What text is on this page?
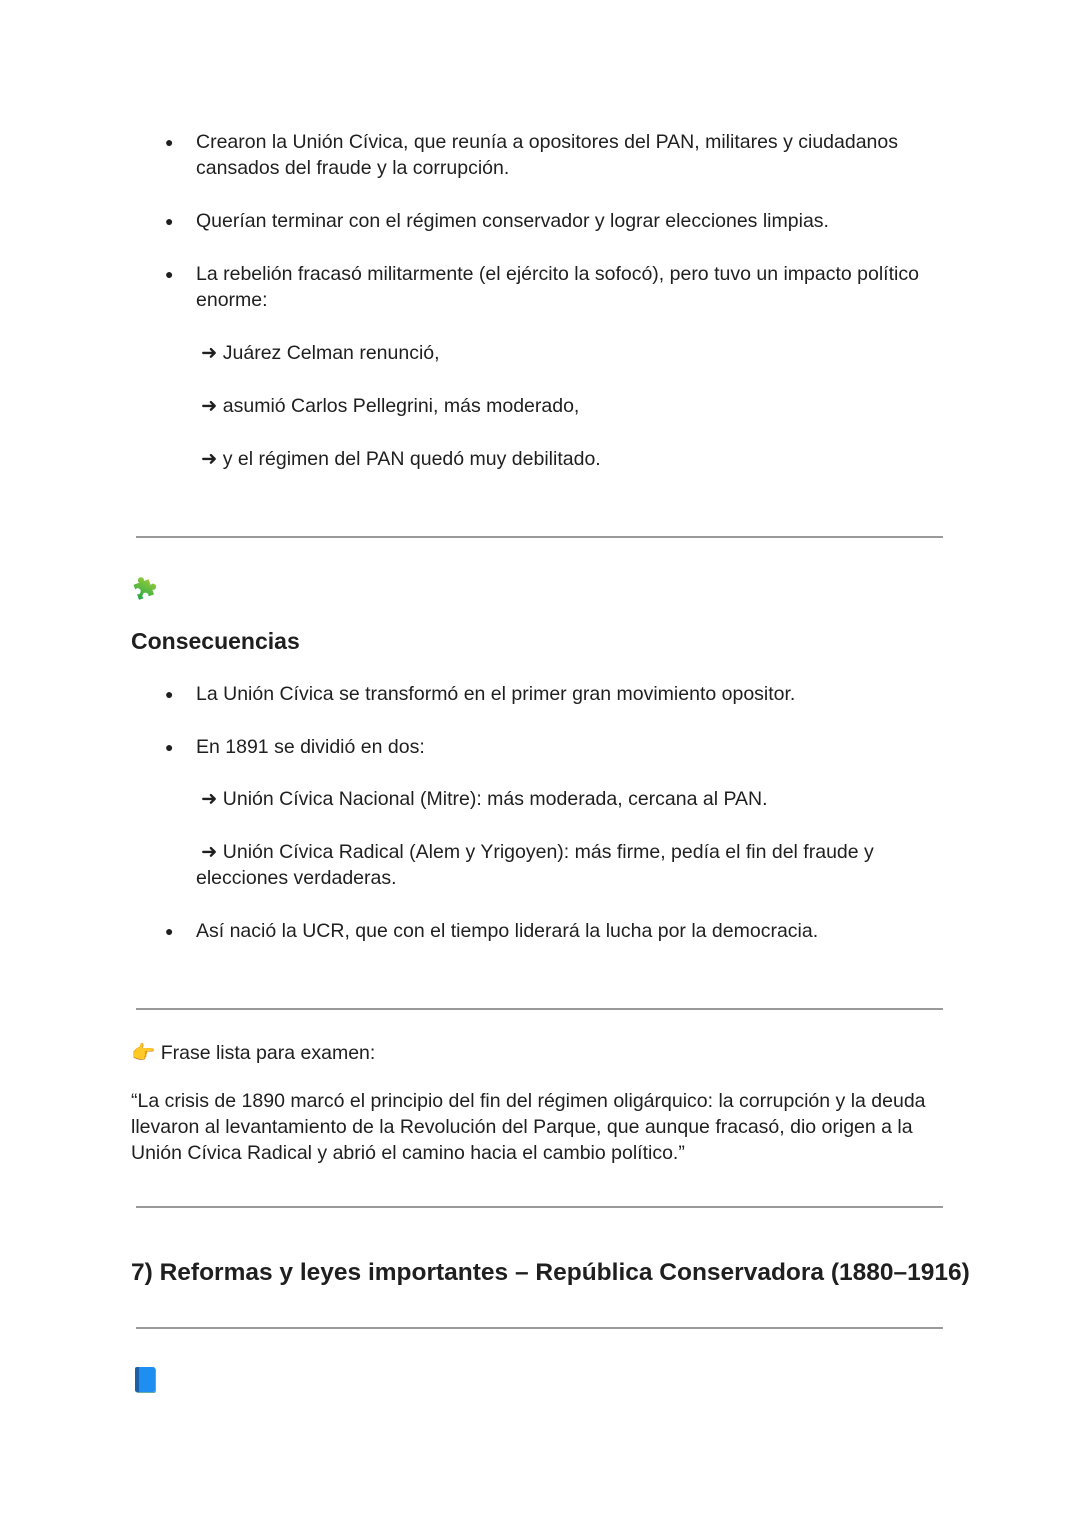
● Crearon la Unión Cívica, que reunía a opositores del PAN, militares y ciudadanos
cansados del fraude y la corrupción.
● Querían terminar con el régimen conservador y lograr elecciones limpias.
● La rebelión fracasó militarmente (el ejército la sofocó), pero tuvo un impacto político
enorme:
➜ Juárez Celman renunció,
➜ asumió Carlos Pellegrini, más moderado,
➜ y el régimen del PAN quedó muy debilitado.
Consecuencias
● La Unión Cívica se transformó en el primer gran movimiento opositor.
● En 1891 se dividió en dos:
➜ Unión Cívica Nacional (Mitre): más moderada, cercana al PAN.
➜ Unión Cívica Radical (Alem y Yrigoyen): más firme, pedía el fin del fraude y
elecciones verdaderas.
● Así nació la UCR, que con el tiempo liderará la lucha por la democracia.
👉 Frase lista para examen:
“La crisis de 1890 marcó el principio del fin del régimen oligárquico: la corrupción y la deuda
llevaron al levantamiento de la Revolución del Parque, que aunque fracasó, dio origen a la
Unión Cívica Radical y abrió el camino hacia el cambio político.”
7) Reformas y leyes importantes – República Conservadora (1880–1916)
